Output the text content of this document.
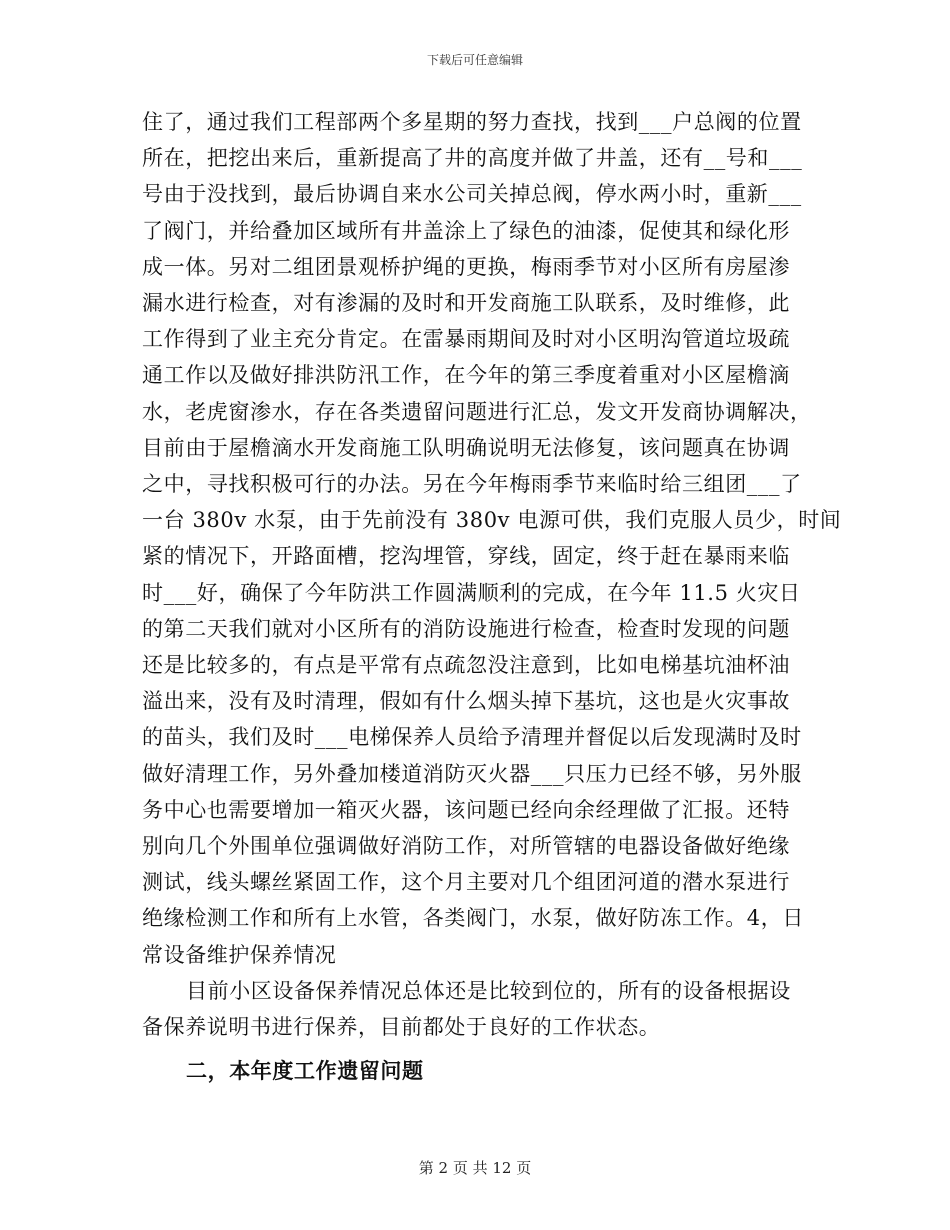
下载后可任意编辑
住了，通过我们工程部两个多星期的努力查找，找到___户总阀的位置
所在，把挖出来后，重新提高了井的高度并做了井盖，还有__号和___
号由于没找到，最后协调自来水公司关掉总阀，停水两小时，重新___
了阀门，并给叠加区域所有井盖涂上了绿色的油漆，促使其和绿化形
成一体。另对二组团景观桥护绳的更换，梅雨季节对小区所有房屋渗
漏水进行检查，对有渗漏的及时和开发商施工队联系，及时维修，此
工作得到了业主充分肯定。在雷暴雨期间及时对小区明沟管道垃圾疏
通工作以及做好排洪防汛工作，在今年的第三季度着重对小区屋檐滴
水，老虎窗渗水，存在各类遗留问题进行汇总，发文开发商协调解决，
目前由于屋檐滴水开发商施工队明确说明无法修复，该问题真在协调
之中，寻找积极可行的办法。另在今年梅雨季节来临时给三组团___了
一台 380v 水泵，由于先前没有 380v 电源可供，我们克服人员少，时间
紧的情况下，开路面槽，挖沟埋管，穿线，固定，终于赶在暴雨来临
时___好，确保了今年防洪工作圆满顺利的完成，在今年 11.5 火灾日
的第二天我们就对小区所有的消防设施进行检查，检查时发现的问题
还是比较多的，有点是平常有点疏忽没注意到，比如电梯基坑油杯油
溢出来，没有及时清理，假如有什么烟头掉下基坑，这也是火灾事故
的苗头，我们及时___电梯保养人员给予清理并督促以后发现满时及时
做好清理工作，另外叠加楼道消防灭火器___只压力已经不够，另外服
务中心也需要增加一箱灭火器，该问题已经向余经理做了汇报。还特
别向几个外围单位强调做好消防工作，对所管辖的电器设备做好绝缘
测试，线头螺丝紧固工作，这个月主要对几个组团河道的潜水泵进行
绝缘检测工作和所有上水管，各类阀门，水泵，做好防冻工作。4，日
常设备维护保养情况
目前小区设备保养情况总体还是比较到位的，所有的设备根据设
备保养说明书进行保养，目前都处于良好的工作状态。
二，本年度工作遗留问题
第 2 页 共 12 页
